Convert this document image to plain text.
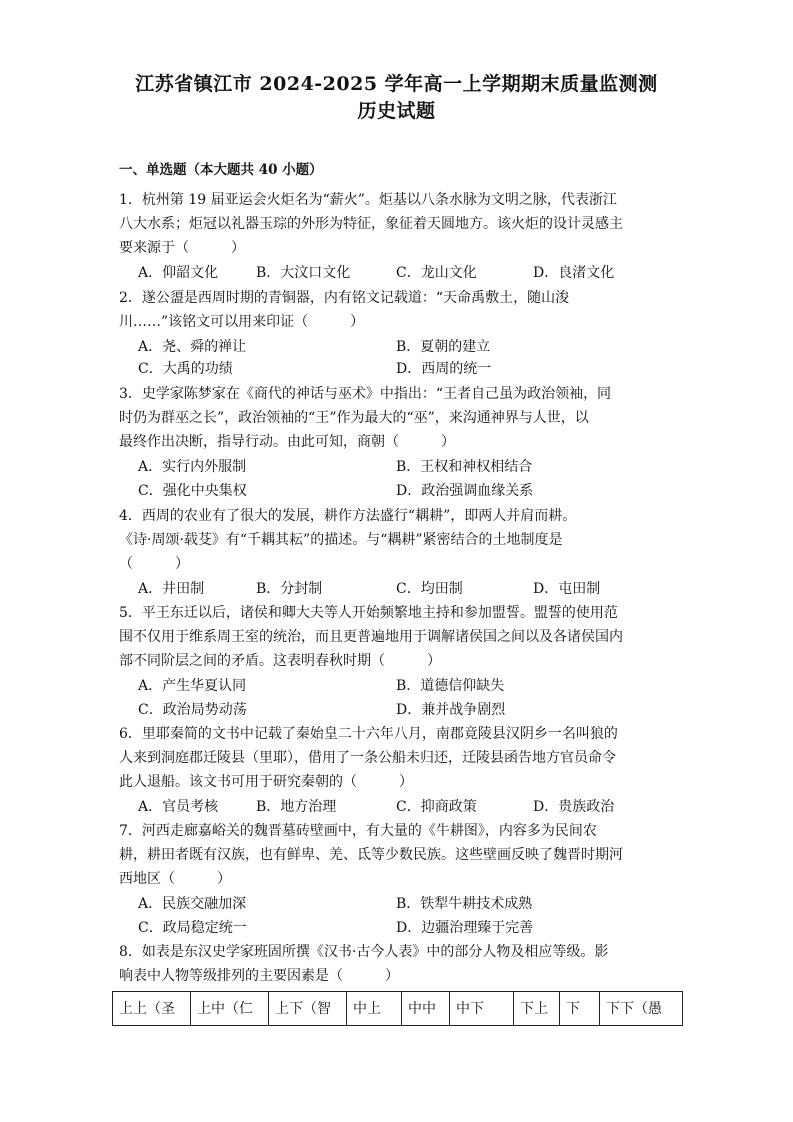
江苏省镇江市 2024-2025 学年高一上学期期末质量监测测
历史试题
一、单选题（本大题共 40 小题）
1．杭州第 19 届亚运会火炬名为“薪火”。炬基以八条水脉为文明之脉，代表浙江
八大水系；炬冠以礼器玉琮的外形为特征，象征着天圆地方。该火炬的设计灵感主
要来源于（　　　）
A．仰韶文化	B．大汶口文化	C．龙山文化	D．良渚文化
2．遂公盨是西周时期的青铜器，内有铭文记载道：“天命禹敷土，随山浚
川……”该铭文可以用来印证（　　　）
A．尧、舜的禅让	B．夏朝的建立
C．大禹的功绩	D．西周的统一
3．史学家陈梦家在《商代的神话与巫术》中指出：“王者自己虽为政治领袖，同
时仍为群巫之长”，政治领袖的“王”作为最大的“巫”，来沟通神界与人世，以
最终作出决断，指导行动。由此可知，商朝（　　　）
A．实行内外服制	B．王权和神权相结合
C．强化中央集权	D．政治强调血缘关系
4．西周的农业有了很大的发展，耕作方法盛行“耦耕”，即两人并肩而耕。
《诗·周颂·载芟》有“千耦其耘”的描述。与“耦耕”紧密结合的土地制度是
（　　　）
A．井田制	B．分封制	C．均田制	D．屯田制
5．平王东迁以后，诸侯和卿大夫等人开始频繁地主持和参加盟誓。盟誓的使用范
围不仅用于维系周王室的统治，而且更普遍地用于调解诸侯国之间以及各诸侯国内
部不同阶层之间的矛盾。这表明春秋时期（　　　）
A．产生华夏认同	B．道德信仰缺失
C．政治局势动荡	D．兼并战争剧烈
6．里耶秦简的文书中记载了秦始皇二十六年八月，南郡竟陵县汉阴乡一名叫狼的
人来到洞庭郡迁陵县（里耶），借用了一条公船未归还，迁陵县函告地方官员命令
此人退船。该文书可用于研究秦朝的（　　　）
A．官员考核	B．地方治理	C．抑商政策	D．贵族政治
7．河西走廊嘉峪关的魏晋墓砖壁画中，有大量的《牛耕图》，内容多为民间农
耕，耕田者既有汉族，也有鲜卑、羌、氐等少数民族。这些壁画反映了魏晋时期河
西地区（　　　）
A．民族交融加深	B．铁犁牛耕技术成熟
C．政局稳定统一	D．边疆治理臻于完善
8．如表是东汉史学家班固所撰《汉书·古今人表》中的部分人物及相应等级。影
响表中人物等级排列的主要因素是（　　　）
上上（圣	上中（仁	上下（智	中上	中中	中下	下上	下	下下（愚
